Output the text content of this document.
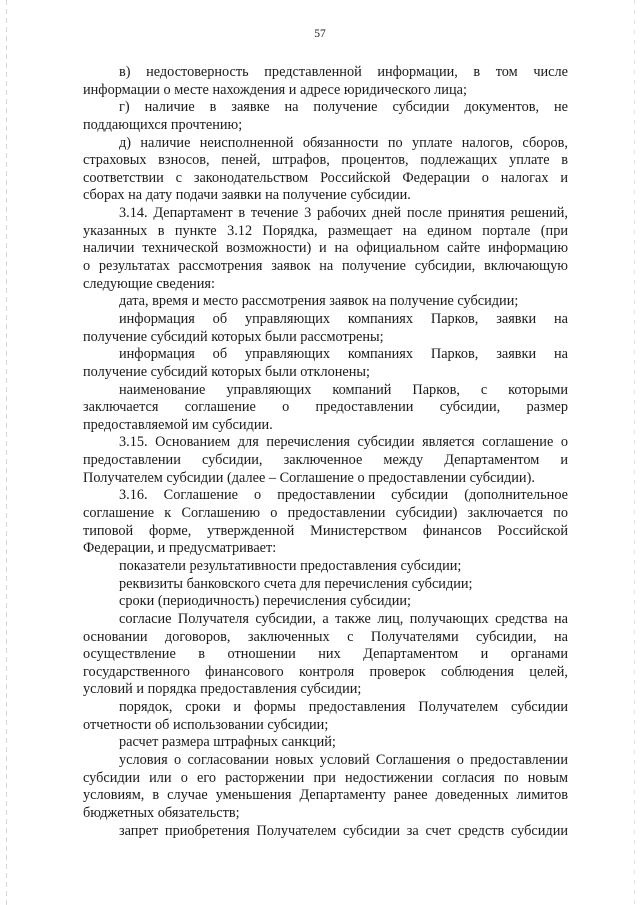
57
в) недостоверность представленной информации, в том числе
информации о месте нахождения и адресе юридического лица;
г) наличие в заявке на получение субсидии документов, не
поддающихся прочтению;
д) наличие неисполненной обязанности по уплате налогов, сборов,
страховых взносов, пеней, штрафов, процентов, подлежащих уплате в
соответствии с законодательством Российской Федерации о налогах и
сборах на дату подачи заявки на получение субсидии.
3.14. Департамент в течение 3 рабочих дней после принятия решений,
указанных в пункте 3.12 Порядка, размещает на едином портале (при
наличии технической возможности) и на официальном сайте информацию
о результатах рассмотрения заявок на получение субсидии, включающую
следующие сведения:
дата, время и место рассмотрения заявок на получение субсидии;
информация об управляющих компаниях Парков, заявки на
получение субсидий которых были рассмотрены;
информация об управляющих компаниях Парков, заявки на
получение субсидий которых были отклонены;
наименование управляющих компаний Парков, с которыми
заключается соглашение о предоставлении субсидии, размер
предоставляемой им субсидии.
3.15. Основанием для перечисления субсидии является соглашение о
предоставлении субсидии, заключенное между Департаментом и
Получателем субсидии (далее – Соглашение о предоставлении субсидии).
3.16. Соглашение о предоставлении субсидии (дополнительное
соглашение к Соглашению о предоставлении субсидии) заключается по
типовой форме, утвержденной Министерством финансов Российской
Федерации, и предусматривает:
показатели результативности предоставления субсидии;
реквизиты банковского счета для перечисления субсидии;
сроки (периодичность) перечисления субсидии;
согласие Получателя субсидии, а также лиц, получающих средства на
основании договоров, заключенных с Получателями субсидии, на
осуществление в отношении них Департаментом и органами
государственного финансового контроля проверок соблюдения целей,
условий и порядка предоставления субсидии;
порядок, сроки и формы предоставления Получателем субсидии
отчетности об использовании субсидии;
расчет размера штрафных санкций;
условия о согласовании новых условий Соглашения о предоставлении
субсидии или о его расторжении при недостижении согласия по новым
условиям, в случае уменьшения Департаменту ранее доведенных лимитов
бюджетных обязательств;
запрет приобретения Получателем субсидии за счет средств субсидии
